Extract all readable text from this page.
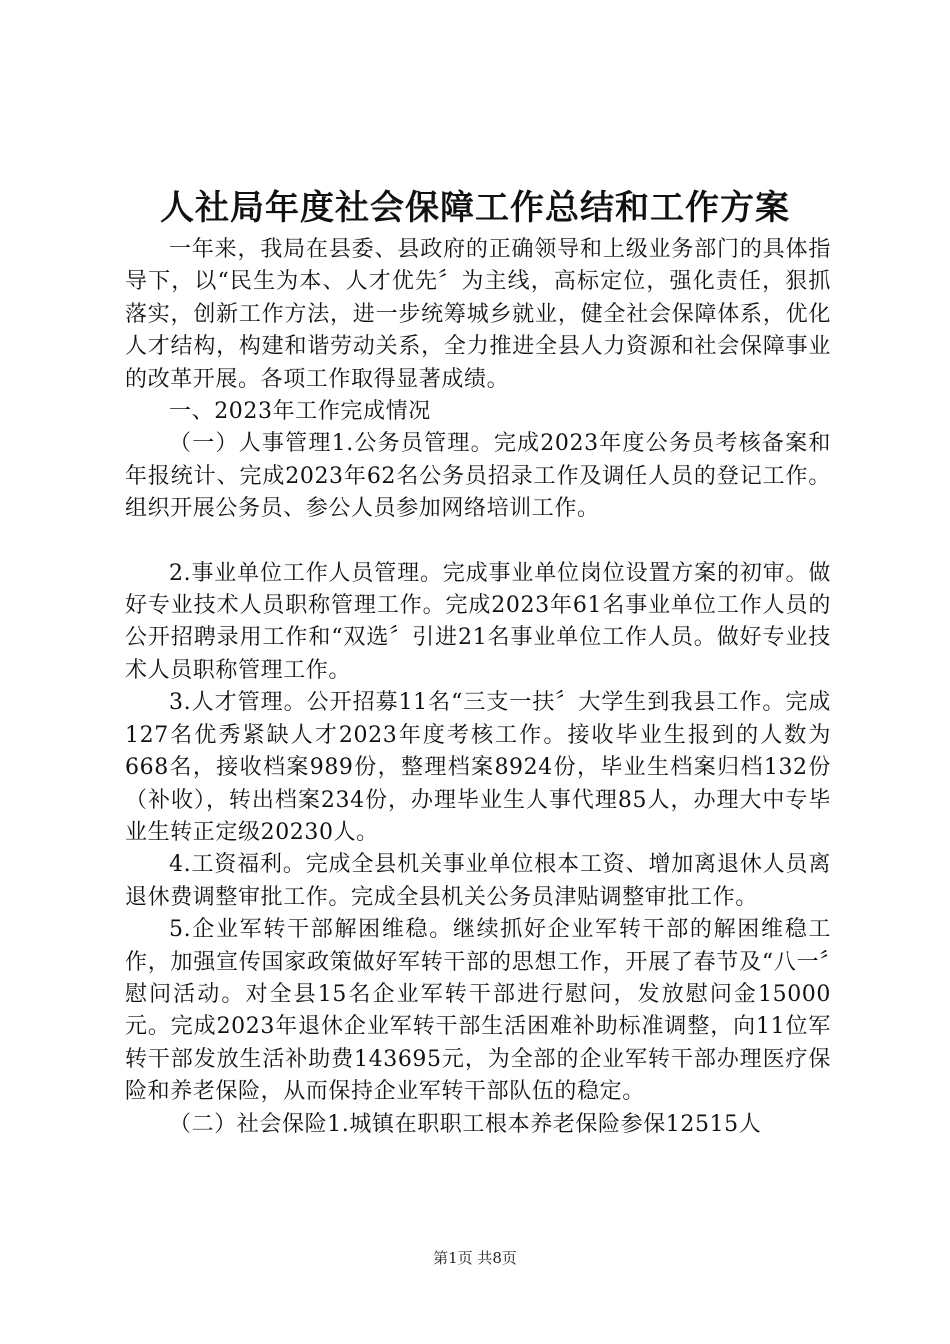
人社局年度社会保障工作总结和工作方案

一年来，我局在县委、县政府的正确领导和上级业务部门的具体指导下，以“民生为本、人才优先〞为主线，高标定位，强化责任，狠抓落实，创新工作方法，进一步统筹城乡就业，健全社会保障体系，优化人才结构，构建和谐劳动关系，全力推进全县人力资源和社会保障事业的改革开展。各项工作取得显著成绩。

一、2023年工作完成情况

（一）人事管理1.公务员管理。完成2023年度公务员考核备案和年报统计、完成2023年62名公务员招录工作及调任人员的登记工作。组织开展公务员、参公人员参加网络培训工作。

2.事业单位工作人员管理。完成事业单位岗位设置方案的初审。做好专业技术人员职称管理工作。完成2023年61名事业单位工作人员的公开招聘录用工作和“双选〞引进21名事业单位工作人员。做好专业技术人员职称管理工作。

3.人才管理。公开招募11名“三支一扶〞大学生到我县工作。完成127名优秀紧缺人才2023年度考核工作。接收毕业生报到的人数为668名，接收档案989份，整理档案8924份，毕业生档案归档132份（补收），转出档案234份，办理毕业生人事代理85人，办理大中专毕业生转正定级20230人。

4.工资福利。完成全县机关事业单位根本工资、增加离退休人员离退休费调整审批工作。完成全县机关公务员津贴调整审批工作。

5.企业军转干部解困维稳。继续抓好企业军转干部的解困维稳工作，加强宣传国家政策做好军转干部的思想工作，开展了春节及“八一〞慰问活动。对全县15名企业军转干部进行慰问，发放慰问金15000元。完成2023年退休企业军转干部生活困难补助标准调整，向11位军转干部发放生活补助费143695元，为全部的企业军转干部办理医疗保险和养老保险，从而保持企业军转干部队伍的稳定。

（二）社会保险1.城镇在职职工根本养老保险参保12515人

第1页 共8页
